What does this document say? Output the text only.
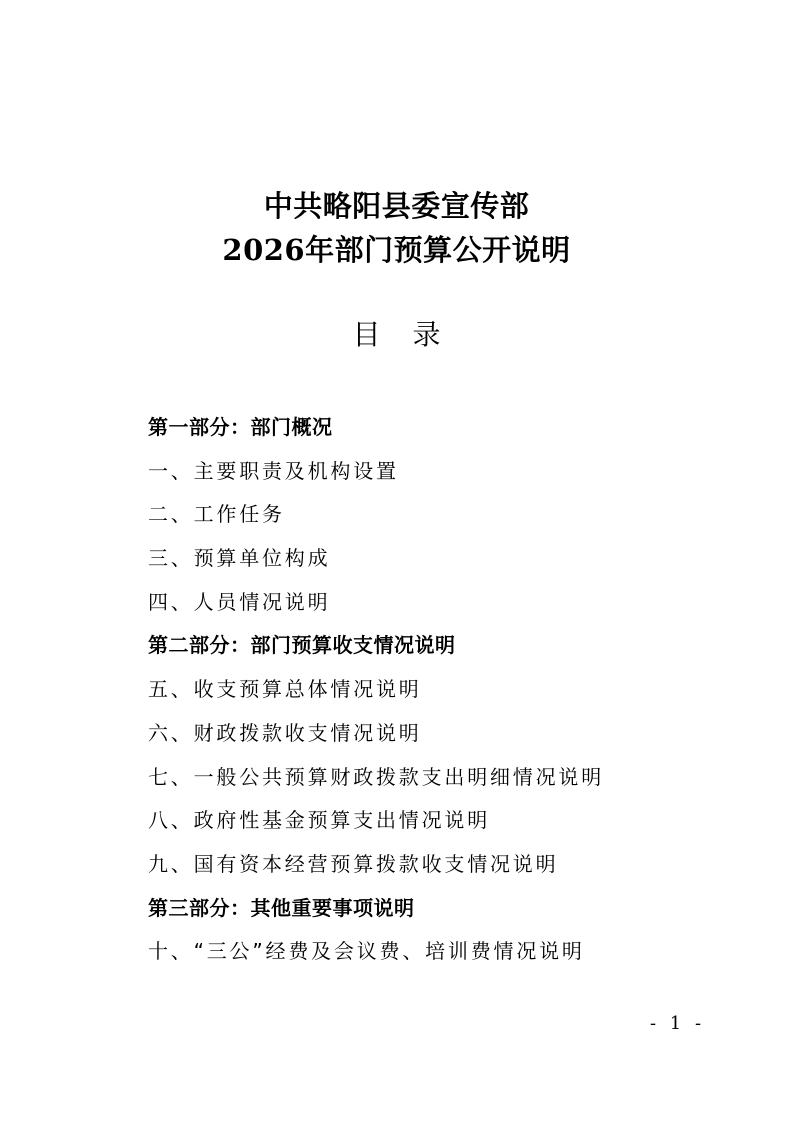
中共略阳县委宣传部
2026年部门预算公开说明
目 录
第一部分：部门概况
一、主要职责及机构设置
二、工作任务
三、预算单位构成
四、人员情况说明
第二部分：部门预算收支情况说明
五、收支预算总体情况说明
六、财政拨款收支情况说明
七、一般公共预算财政拨款支出明细情况说明
八、政府性基金预算支出情况说明
九、国有资本经营预算拨款收支情况说明
第三部分：其他重要事项说明
十、“三公”经费及会议费、培训费情况说明
- 1 -
